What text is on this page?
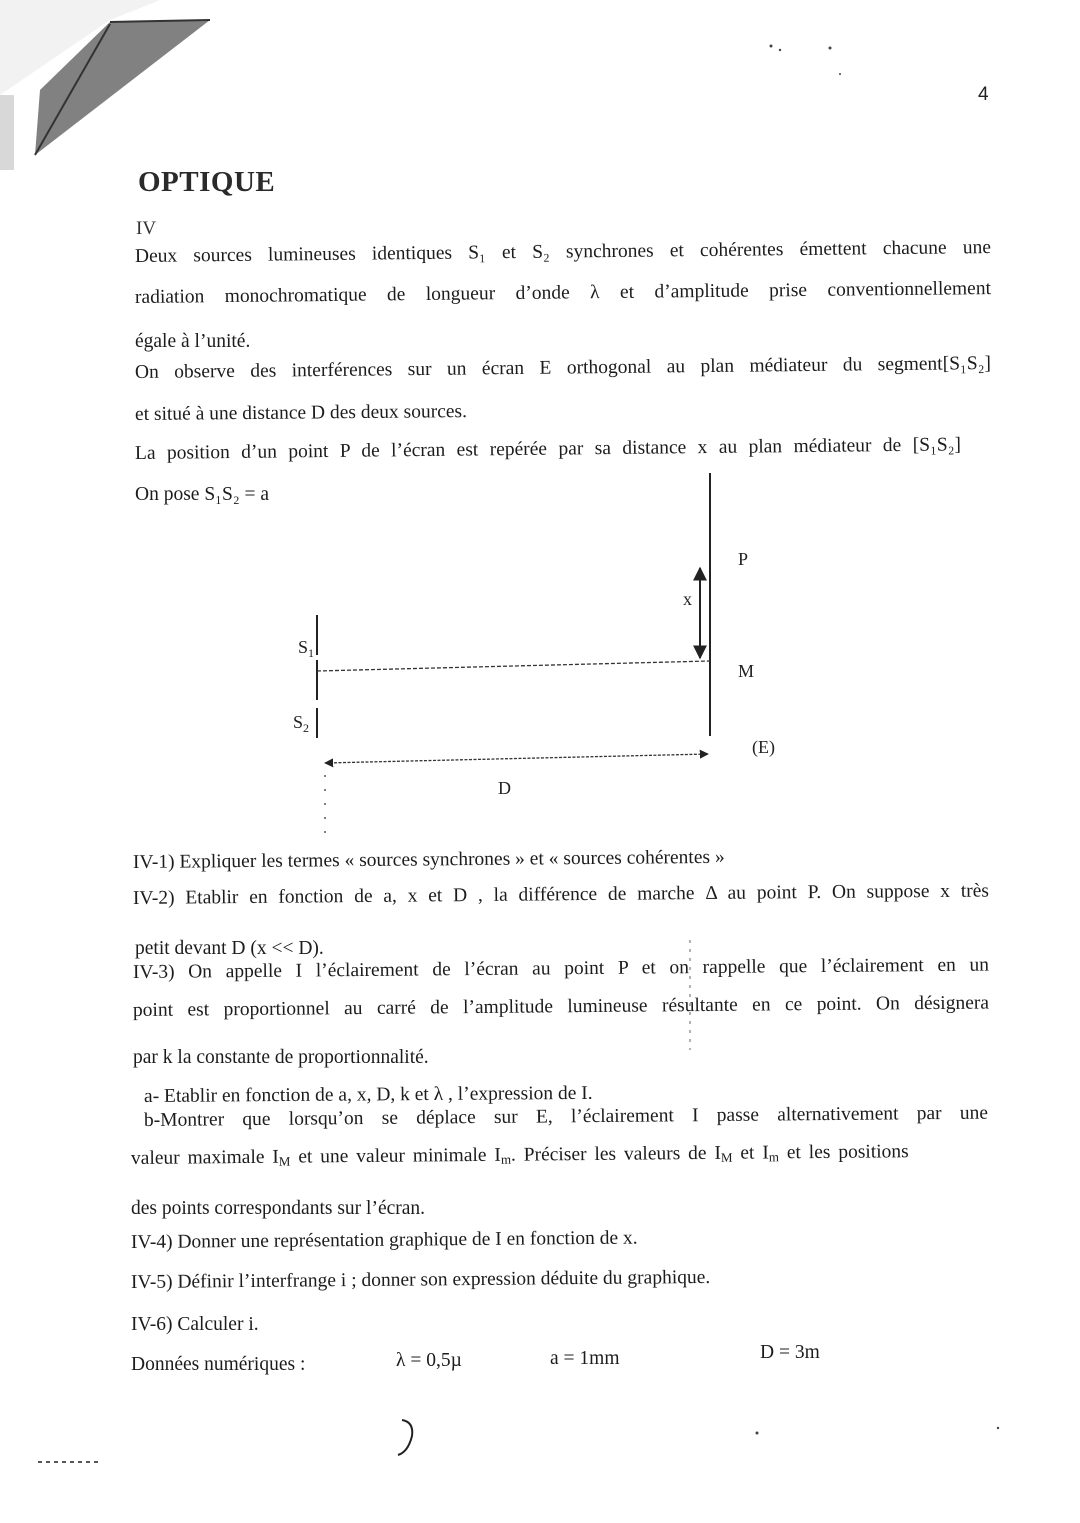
4
OPTIQUE
IV
Deux sources lumineuses identiques S₁ et S₂ synchrones et cohérentes émettent chacune une
radiation monochromatique de longueur d’onde λ et d’amplitude prise conventionnellement
égale à l’unité.
On observe des interférences sur un écran E orthogonal au plan médiateur du segment[S₁S₂]
et situé à une distance D des deux sources.
La position d’un point P de l’écran est repérée par sa distance x au plan médiateur de [S₁S₂]
On pose S₁S₂ = a
$S_1$
$S_2$
x
P
M
(E)
D
IV-1) Expliquer les termes « sources synchrones » et « sources cohérentes »
IV-2) Etablir en fonction de a, x et D , la différence de marche Δ au point P. On suppose x très
petit devant D (x << D).
IV-3) On appelle I l’éclairement de l’écran au point P et on rappelle que l’éclairement en un
point est proportionnel au carré de l’amplitude lumineuse résultante en ce point. On désignera
par k la constante de proportionnalité.
a- Etablir en fonction de a, x, D, k et λ , l’expression de I.
b-Montrer que lorsqu’on se déplace sur E, l’éclairement I passe alternativement par une
valeur maximale $I_M$ et une valeur minimale $I_m$. Préciser les valeurs de $I_M$ et $I_m$ et les positions
des points correspondants sur l’écran.
IV-4) Donner une représentation graphique de I en fonction de x.
IV-5) Définir l’interfrange i ; donner son expression déduite du graphique.
IV-6) Calculer i.
Données numériques :	λ = 0,5µ	a = 1mm	D = 3m
